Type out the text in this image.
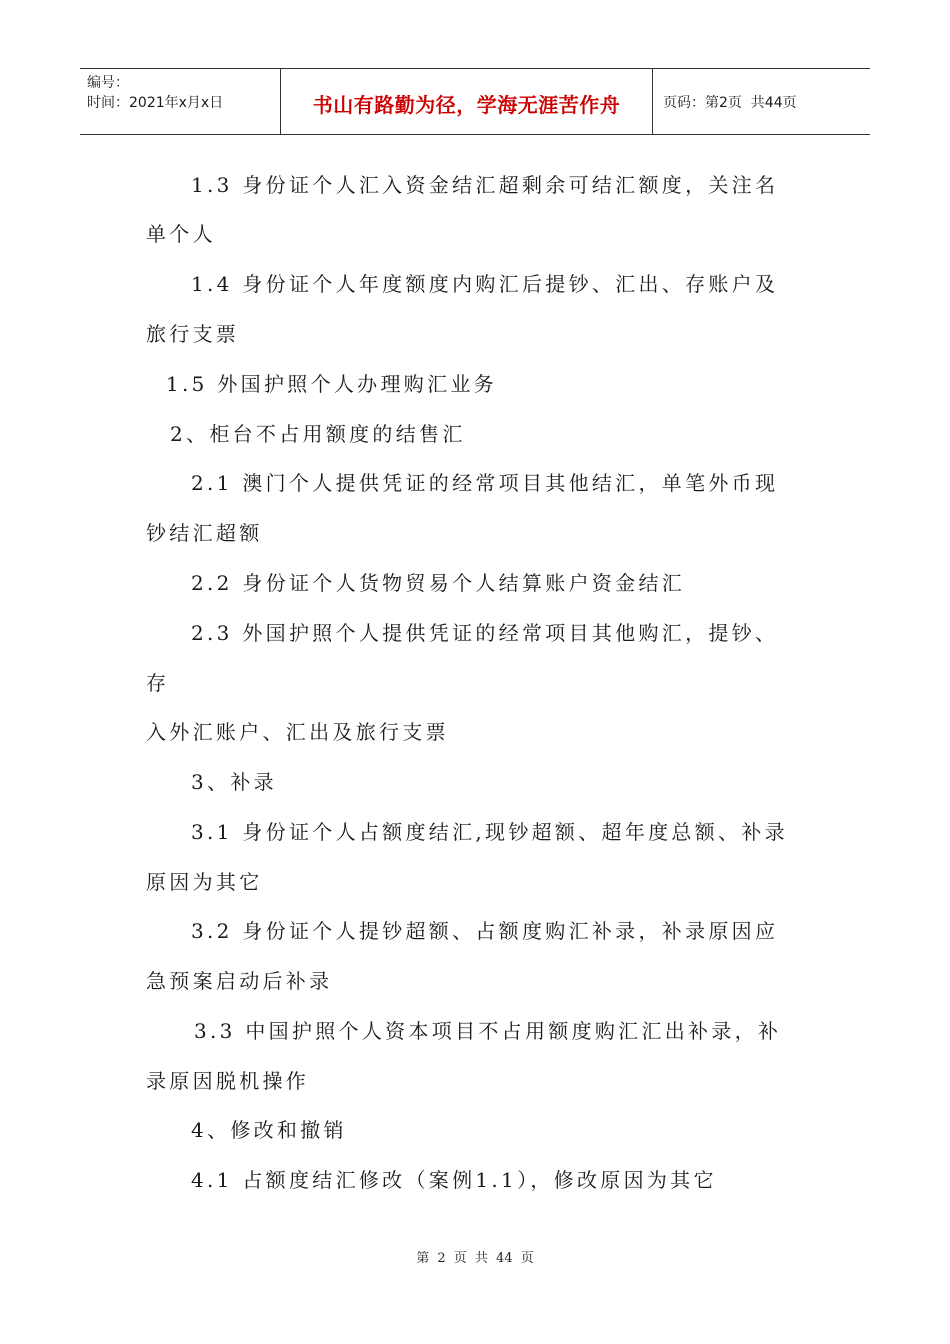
编号：
时间：2021年x月x日	书山有路勤为径，学海无涯苦作舟	页码：第2页  共44页
1.3 身份证个人汇入资金结汇超剩余可结汇额度，关注名
单个人
1.4 身份证个人年度额度内购汇后提钞、汇出、存账户及
旅行支票
1.5 外国护照个人办理购汇业务
2、柜台不占用额度的结售汇
2.1 澳门个人提供凭证的经常项目其他结汇，单笔外币现
钞结汇超额
2.2 身份证个人货物贸易个人结算账户资金结汇
2.3 外国护照个人提供凭证的经常项目其他购汇，提钞、
存
入外汇账户、汇出及旅行支票
3、补录
3.1 身份证个人占额度结汇,现钞超额、超年度总额、补录
原因为其它
3.2 身份证个人提钞超额、占额度购汇补录，补录原因应
急预案启动后补录
3.3 中国护照个人资本项目不占用额度购汇汇出补录，补
录原因脱机操作
4、修改和撤销
4.1 占额度结汇修改（案例1.1），修改原因为其它
第 2 页 共 44 页
